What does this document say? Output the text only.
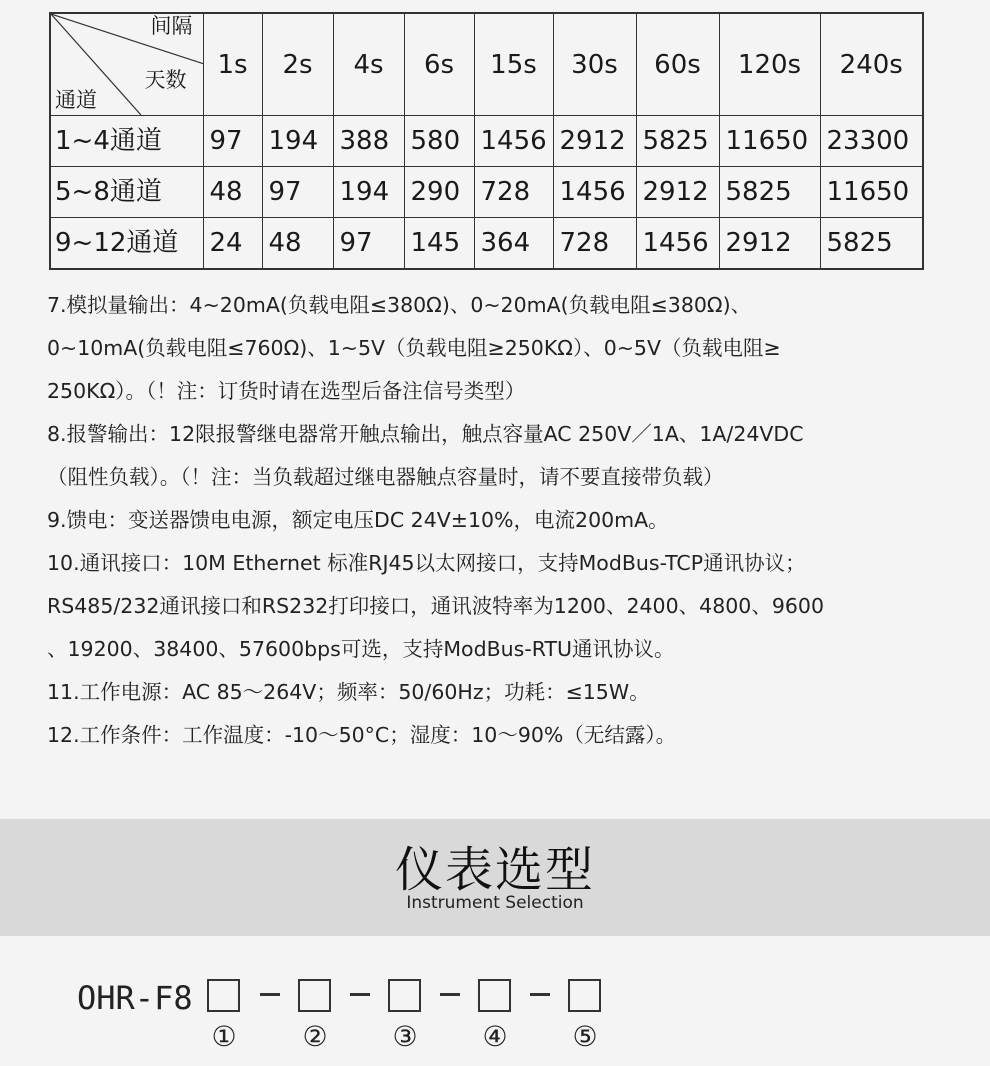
间隔
天数
通道	1s	2s	4s	6s	15s	30s	60s	120s	240s
1~4通道	97	194	388	580	1456	2912	5825	11650	23300
5~8通道	48	97	194	290	728	1456	2912	5825	11650
9~12通道	24	48	97	145	364	728	1456	2912	5825

7.模拟量输出：4~20mA(负载电阻≤380Ω)、0~20mA(负载电阻≤380Ω)、

0~10mA(负载电阻≤760Ω)、1~5V（负载电阻≥250KΩ）、0~5V（负载电阻≥

250KΩ）。（！注：订货时请在选型后备注信号类型）

8.报警输出：12限报警继电器常开触点输出，触点容量AC 250V／1A、1A/24VDC

（阻性负载）。（！注：当负载超过继电器触点容量时，请不要直接带负载）

9.馈电：变送器馈电电源，额定电压DC 24V±10%，电流200mA。

10.通讯接口：10M Ethernet 标准RJ45以太网接口，支持ModBus-TCP通讯协议；

RS485/232通讯接口和RS232打印接口，通讯波特率为1200、2400、4800、9600

、19200、38400、57600bps可选，支持ModBus-RTU通讯协议。

11.工作电源：AC 85～264V；频率：50/60Hz；功耗：≤15W。

12.工作条件：工作温度：-10～50°C；湿度：10～90%（无结露）。

仪表选型
Instrument Selection
OHR-F8
① ② ③ ④ ⑤
